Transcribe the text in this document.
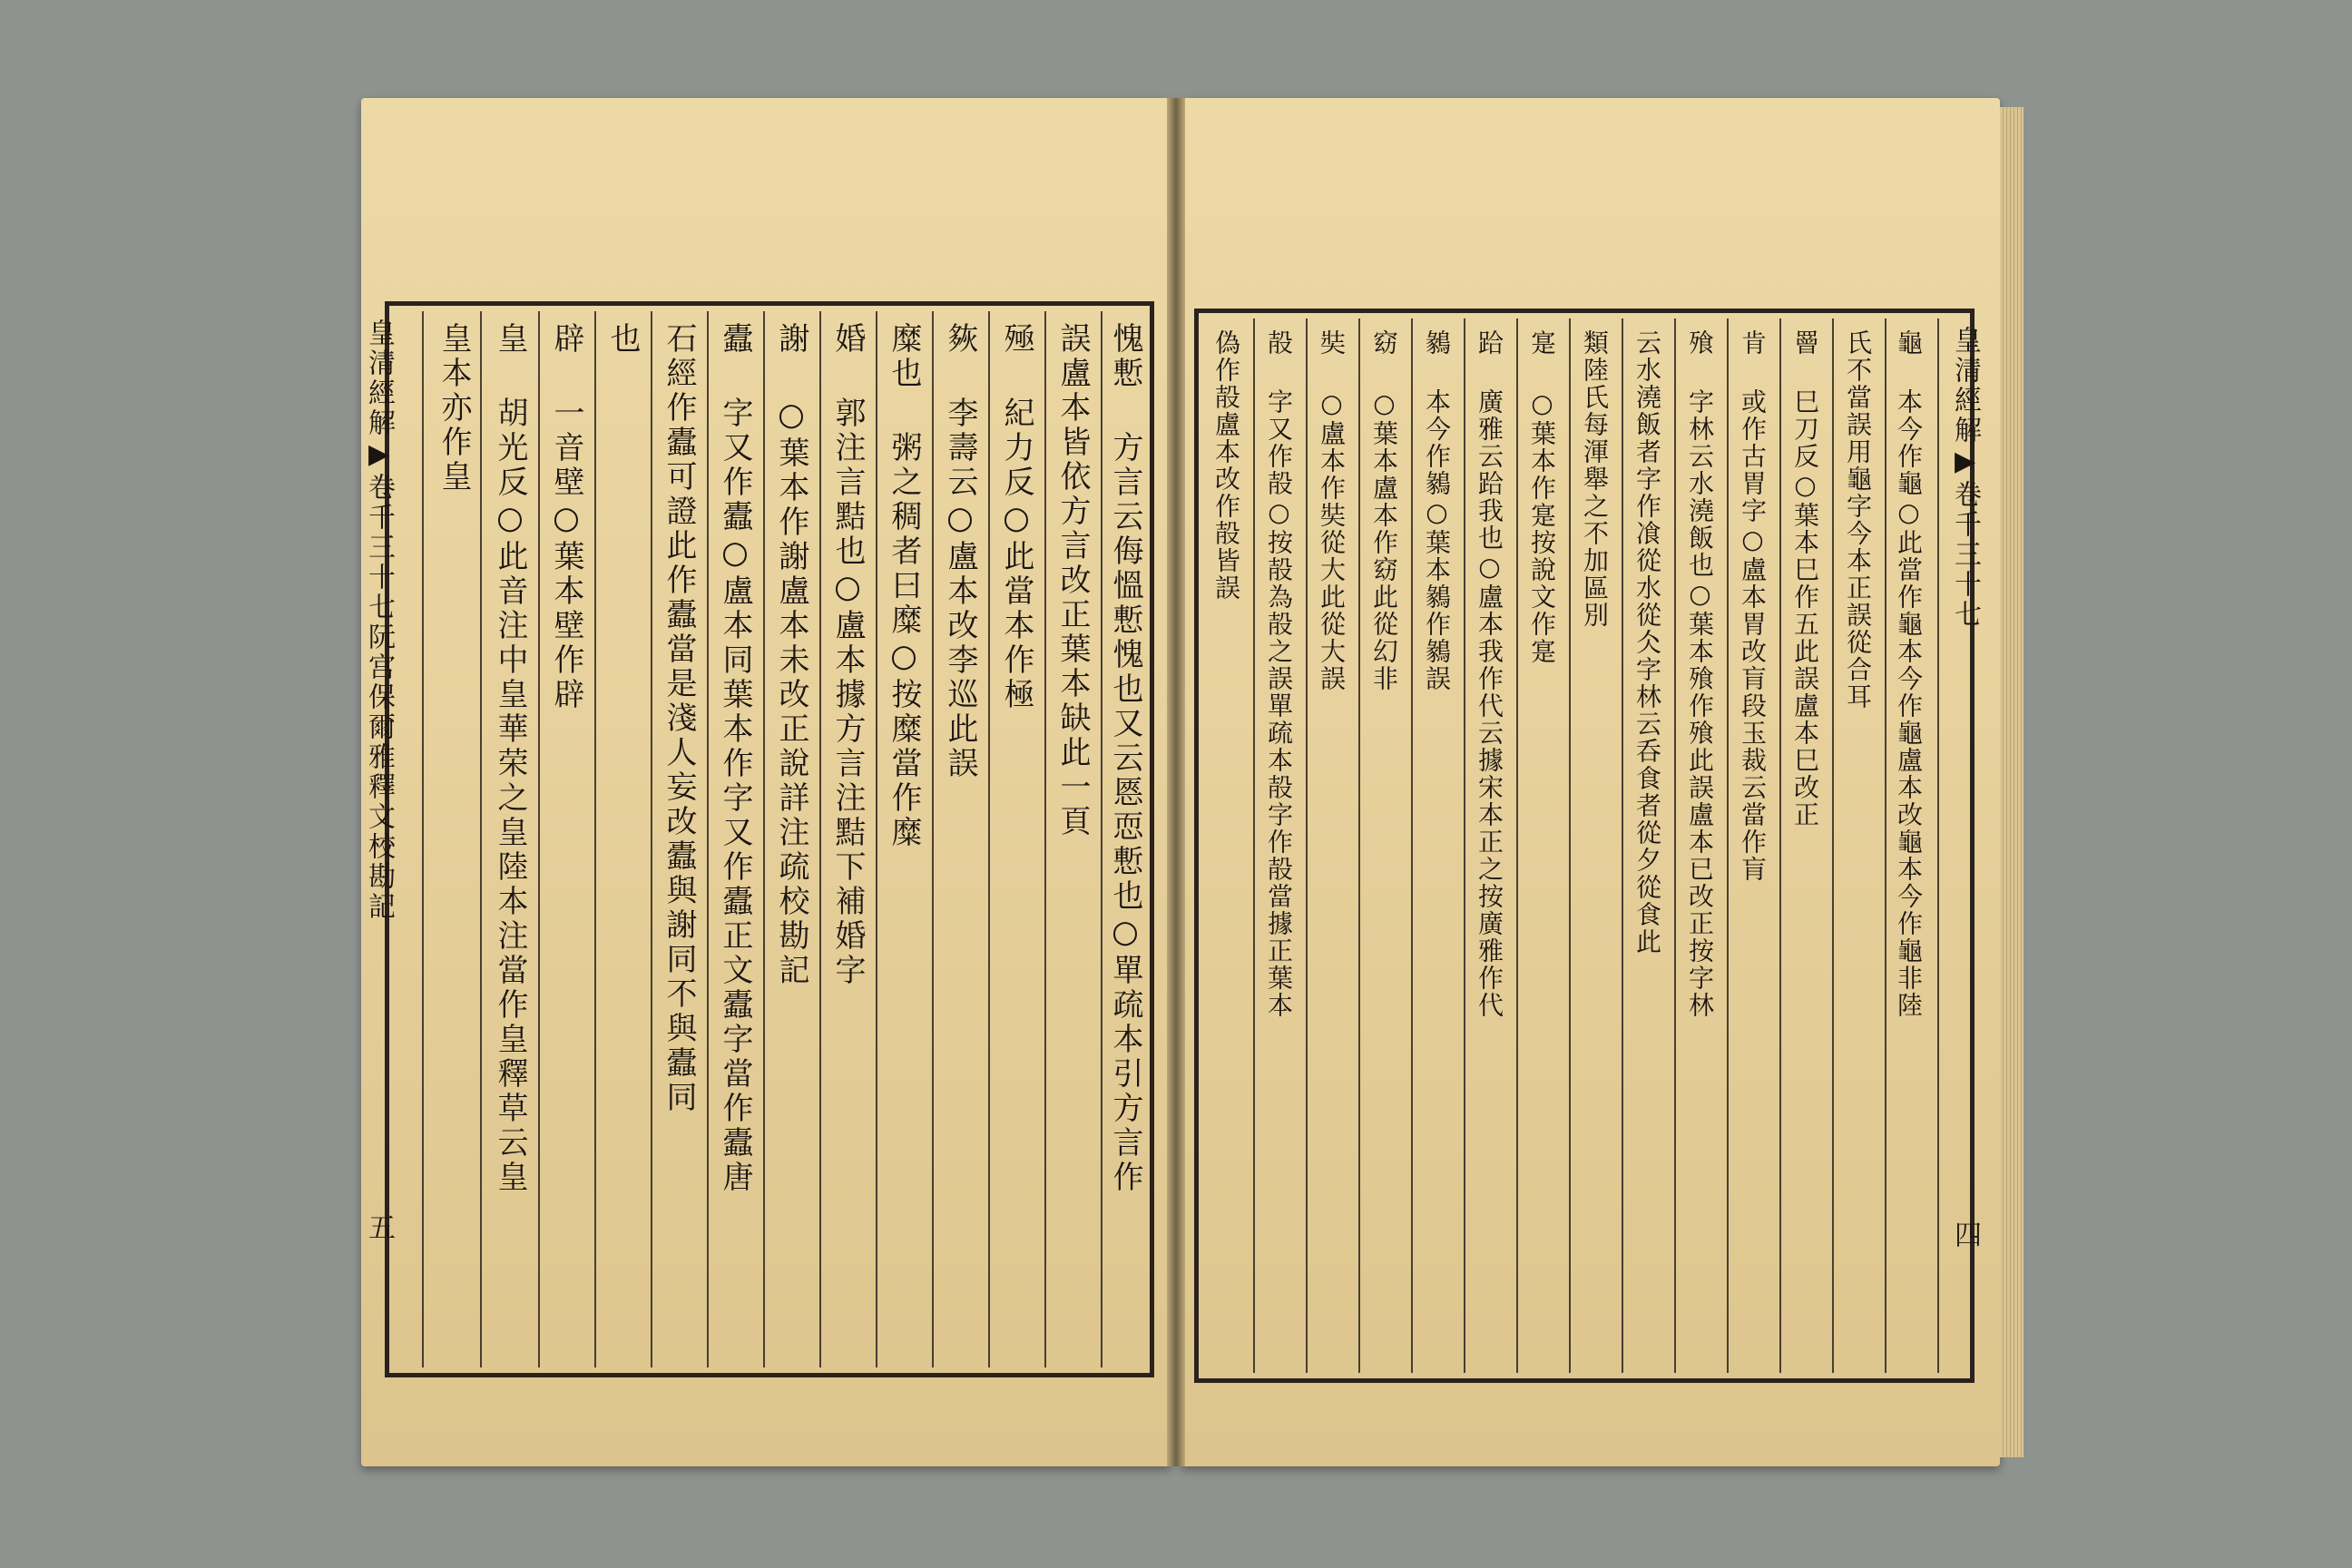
皇清經解▶卷千三十七阮宫保爾雅釋文校勘記
五
愧慙 方言云侮慍慙愧也又云㥦恧慙也○單疏本引方言作
誤盧本皆依方言改正葉本缺此一頁
殛 紀力反○此當本作極
㷇 李壽云○盧本改李巡此誤
糜也 粥之稠者曰糜○按糜當作糜
婚 郭注言黠也○盧本據方言注黠下補婚字
謝 ○葉本作謝盧本未改正說詳注疏校勘記
蠹 字又作蠹○盧本同葉本作字又作蠹正文蠹字當作蠹唐
石經作蠹可證此作蠹當是淺人妄改蠹與謝同不與蠹同
也
辟 一音壁○葉本壁作辟
皇 胡光反○此音注中皇華荣之皇陸本注當作皇釋草云皇
皇本亦作皇	皇清經解▶卷千三十七
四
龜 本今作龜○此當作龜本今作龜盧本改龜本今作龜非陸
氏不當誤用龜字今本正誤從合耳
罾 巳刀反○葉本巳作五此誤盧本巳改正
肯 或作古胃字○盧本胃改肓段玉裁云當作肓
飱 字林云水澆飯也○葉本飱作飱此誤盧本已改正按字林
云水澆飯者字作飡從水從仌字林云呑食者從夕從食此
類陸氏每渾舉之不加區別
寔 ○葉本作寔按說文作寔
跲 廣雅云跲我也○盧本我作代云據宋本正之按廣雅作代
鶨 本今作鶨○葉本鶨作鶨誤
窈 ○葉本盧本作窈此從幻非
奘 ○盧本作奘從大此從大誤
㱿 字又作㱿○按㱿為㱿之誤單疏本㱿字作㱿當據正葉本
偽作㱿盧本改作㱿皆誤
